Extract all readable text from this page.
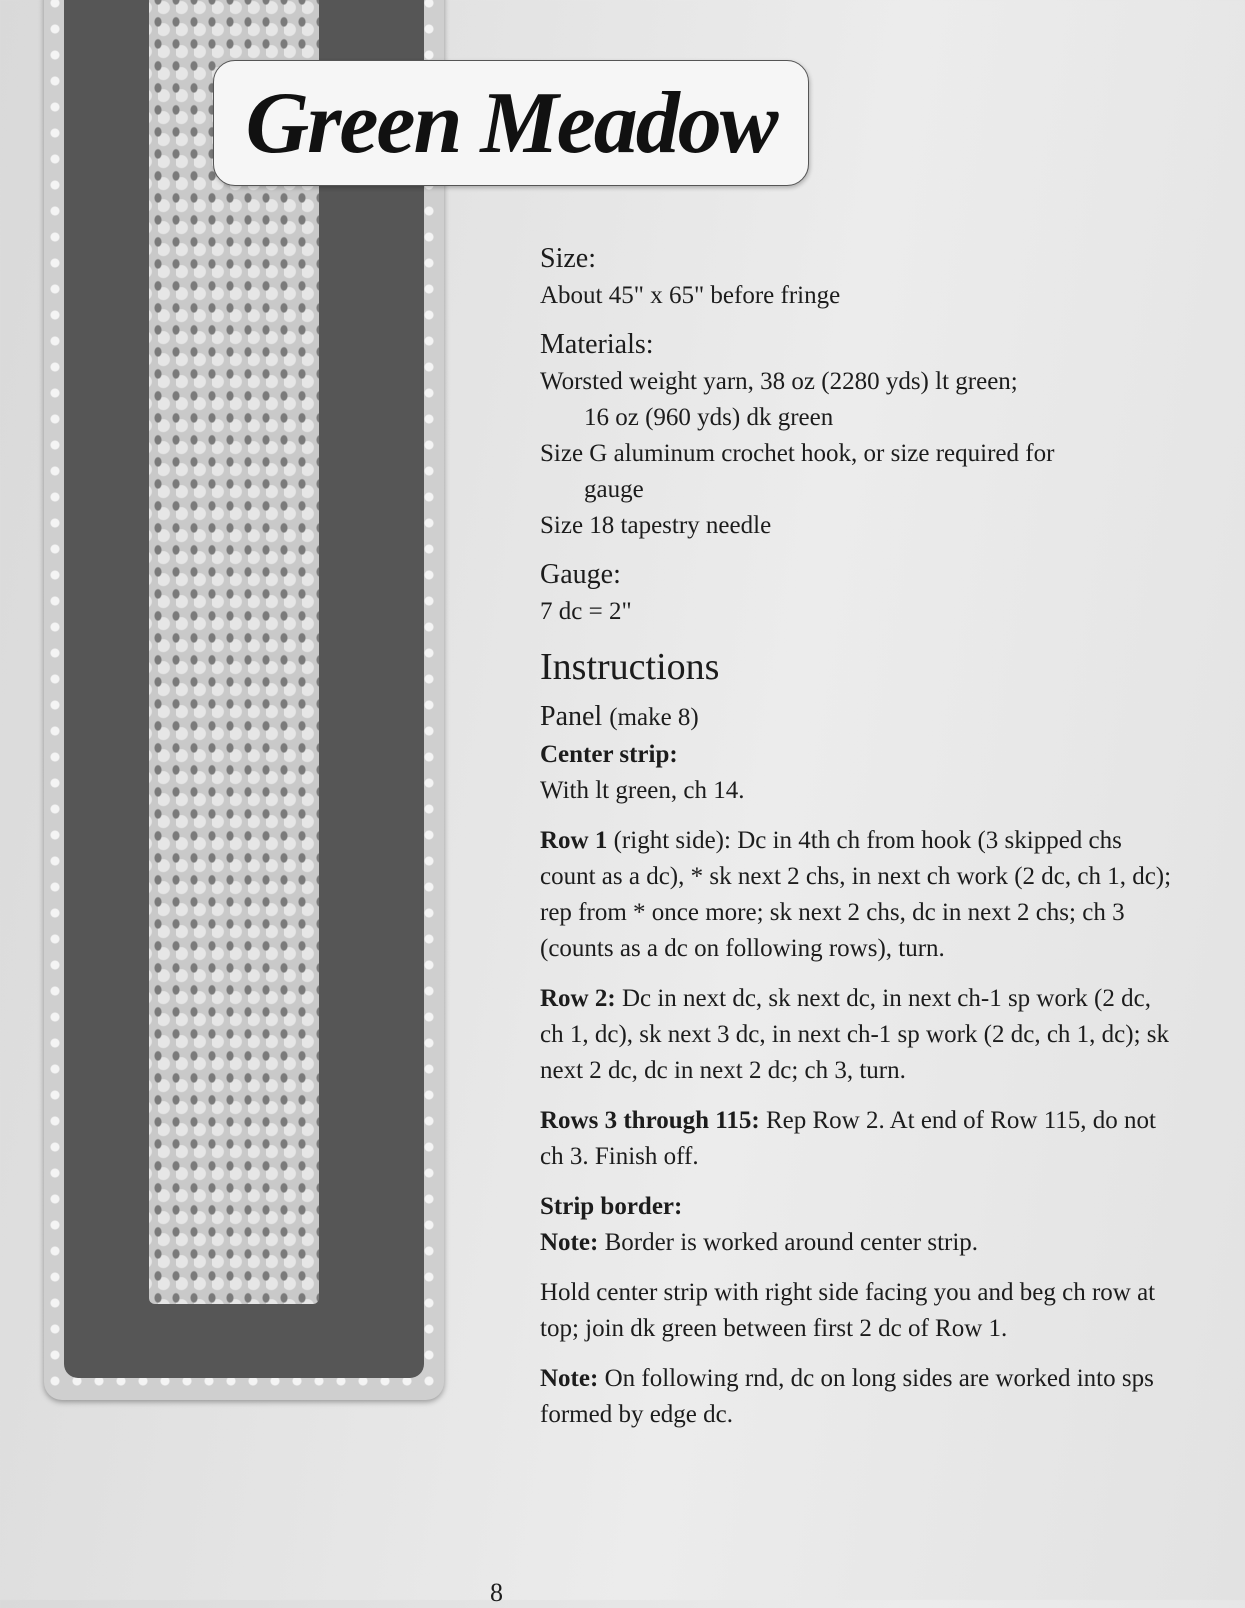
Green Meadow
Size:

About 45" x 65" before fringe

Materials:

Worsted weight yarn, 38 oz (2280 yds) lt green;

16 oz (960 yds) dk green

Size G aluminum crochet hook, or size required for

gauge

Size 18 tapestry needle

Gauge:

7 dc = 2"

Instructions
Panel (make 8)

Center strip:

With lt green, ch 14.

Row 1 (right side): Dc in 4th ch from hook (3 skipped chs count as a dc), * sk next 2 chs, in next ch work (2 dc, ch 1, dc); rep from * once more; sk next 2 chs, dc in next 2 chs; ch 3 (counts as a dc on following rows), turn.

Row 2: Dc in next dc, sk next dc, in next ch-1 sp work (2 dc, ch 1, dc), sk next 3 dc, in next ch-1 sp work (2 dc, ch 1, dc); sk next 2 dc, dc in next 2 dc; ch 3, turn.

Rows 3 through 115: Rep Row 2. At end of Row 115, do not ch 3. Finish off.

Strip border:

Note: Border is worked around center strip.

Hold center strip with right side facing you and beg ch row at top; join dk green between first 2 dc of Row 1.

Note: On following rnd, dc on long sides are worked into sps formed by edge dc.

8
